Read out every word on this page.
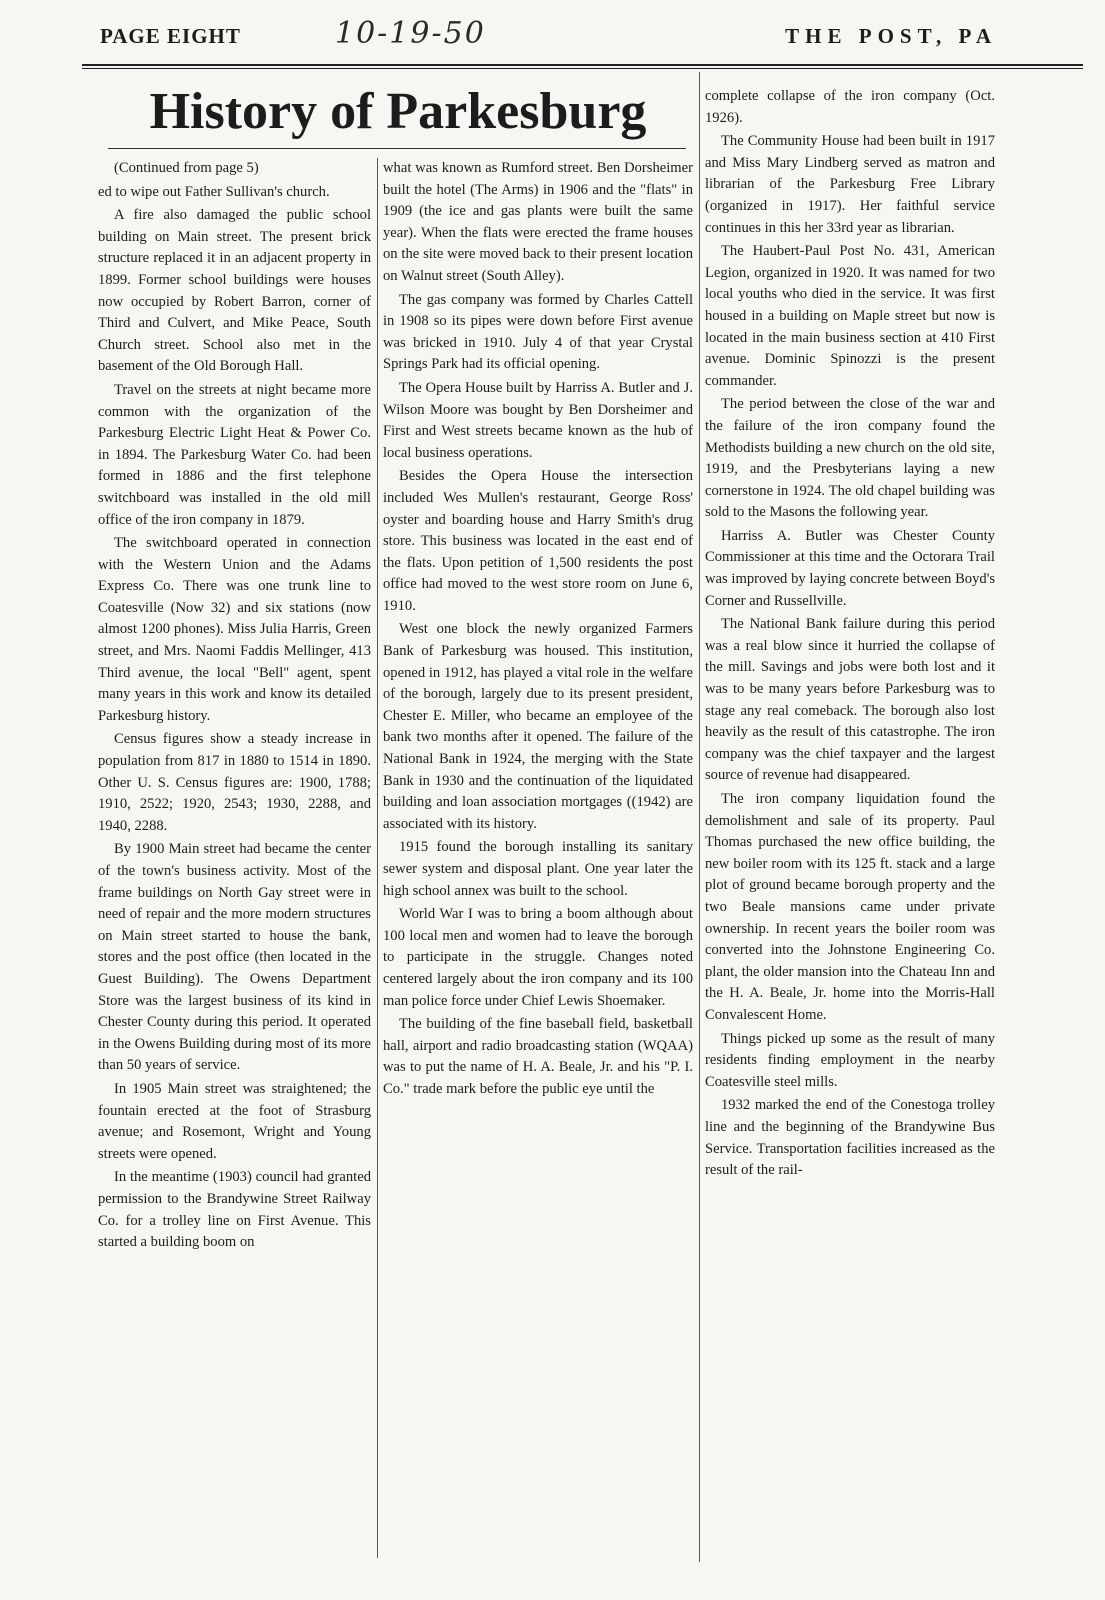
PAGE EIGHT	10-19-50	THE POST, PA
History of Parkesburg

(Continued from page 5)

ed to wipe out Father Sullivan's church.

A fire also damaged the public school building on Main street. The present brick structure replaced it in an adjacent property in 1899. Former school buildings were houses now occupied by Robert Barron, corner of Third and Culvert, and Mike Peace, South Church street. School also met in the basement of the Old Borough Hall.

Travel on the streets at night became more common with the organization of the Parkesburg Electric Light Heat & Power Co. in 1894. The Parkesburg Water Co. had been formed in 1886 and the first telephone switchboard was installed in the old mill office of the iron company in 1879.

The switchboard operated in connection with the Western Union and the Adams Express Co. There was one trunk line to Coatesville (Now 32) and six stations (now almost 1200 phones). Miss Julia Harris, Green street, and Mrs. Naomi Faddis Mellinger, 413 Third avenue, the local "Bell" agent, spent many years in this work and know its detailed Parkesburg history.

Census figures show a steady increase in population from 817 in 1880 to 1514 in 1890. Other U. S. Census figures are: 1900, 1788; 1910, 2522; 1920, 2543; 1930, 2288, and 1940, 2288.

By 1900 Main street had became the center of the town's business activity. Most of the frame buildings on North Gay street were in need of repair and the more modern structures on Main street started to house the bank, stores and the post office (then located in the Guest Building). The Owens Department Store was the largest business of its kind in Chester County during this period. It operated in the Owens Building during most of its more than 50 years of service.

In 1905 Main street was straightened; the fountain erected at the foot of Strasburg avenue; and Rosemont, Wright and Young streets were opened.

In the meantime (1903) council had granted permission to the Brandywine Street Railway Co. for a trolley line on First Avenue. This started a building boom on

what was known as Rumford street. Ben Dorsheimer built the hotel (The Arms) in 1906 and the "flats" in 1909 (the ice and gas plants were built the same year). When the flats were erected the frame houses on the site were moved back to their present location on Walnut street (South Alley).

The gas company was formed by Charles Cattell in 1908 so its pipes were down before First avenue was bricked in 1910. July 4 of that year Crystal Springs Park had its official opening.

The Opera House built by Harriss A. Butler and J. Wilson Moore was bought by Ben Dorsheimer and First and West streets became known as the hub of local business operations.

Besides the Opera House the intersection included Wes Mullen's restaurant, George Ross' oyster and boarding house and Harry Smith's drug store. This business was located in the east end of the flats. Upon petition of 1,500 residents the post office had moved to the west store room on June 6, 1910.

West one block the newly organized Farmers Bank of Parkesburg was housed. This institution, opened in 1912, has played a vital role in the welfare of the borough, largely due to its present president, Chester E. Miller, who became an employee of the bank two months after it opened. The failure of the National Bank in 1924, the merging with the State Bank in 1930 and the continuation of the liquidated building and loan association mortgages ((1942) are associated with its history.

1915 found the borough installing its sanitary sewer system and disposal plant. One year later the high school annex was built to the school.

World War I was to bring a boom although about 100 local men and women had to leave the borough to participate in the struggle. Changes noted centered largely about the iron company and its 100 man police force under Chief Lewis Shoemaker.

The building of the fine baseball field, basketball hall, airport and radio broadcasting station (WQAA) was to put the name of H. A. Beale, Jr. and his "P. I. Co." trade mark before the public eye until the

complete collapse of the iron company (Oct. 1926).

The Community House had been built in 1917 and Miss Mary Lindberg served as matron and librarian of the Parkesburg Free Library (organized in 1917). Her faithful service continues in this her 33rd year as librarian.

The Haubert-Paul Post No. 431, American Legion, organized in 1920. It was named for two local youths who died in the service. It was first housed in a building on Maple street but now is located in the main business section at 410 First avenue. Dominic Spinozzi is the present commander.

The period between the close of the war and the failure of the iron company found the Methodists building a new church on the old site, 1919, and the Presbyterians laying a new cornerstone in 1924. The old chapel building was sold to the Masons the following year.

Harriss A. Butler was Chester County Commissioner at this time and the Octorara Trail was improved by laying concrete between Boyd's Corner and Russellville.

The National Bank failure during this period was a real blow since it hurried the collapse of the mill. Savings and jobs were both lost and it was to be many years before Parkesburg was to stage any real comeback. The borough also lost heavily as the result of this catastrophe. The iron company was the chief taxpayer and the largest source of revenue had disappeared.

The iron company liquidation found the demolishment and sale of its property. Paul Thomas purchased the new office building, the new boiler room with its 125 ft. stack and a large plot of ground became borough property and the two Beale mansions came under private ownership. In recent years the boiler room was converted into the Johnstone Engineering Co. plant, the older mansion into the Chateau Inn and the H. A. Beale, Jr. home into the Morris-Hall Convalescent Home.

Things picked up some as the result of many residents finding employment in the nearby Coatesville steel mills.

1932 marked the end of the Conestoga trolley line and the beginning of the Brandywine Bus Service. Transportation facilities increased as the result of the rail-
